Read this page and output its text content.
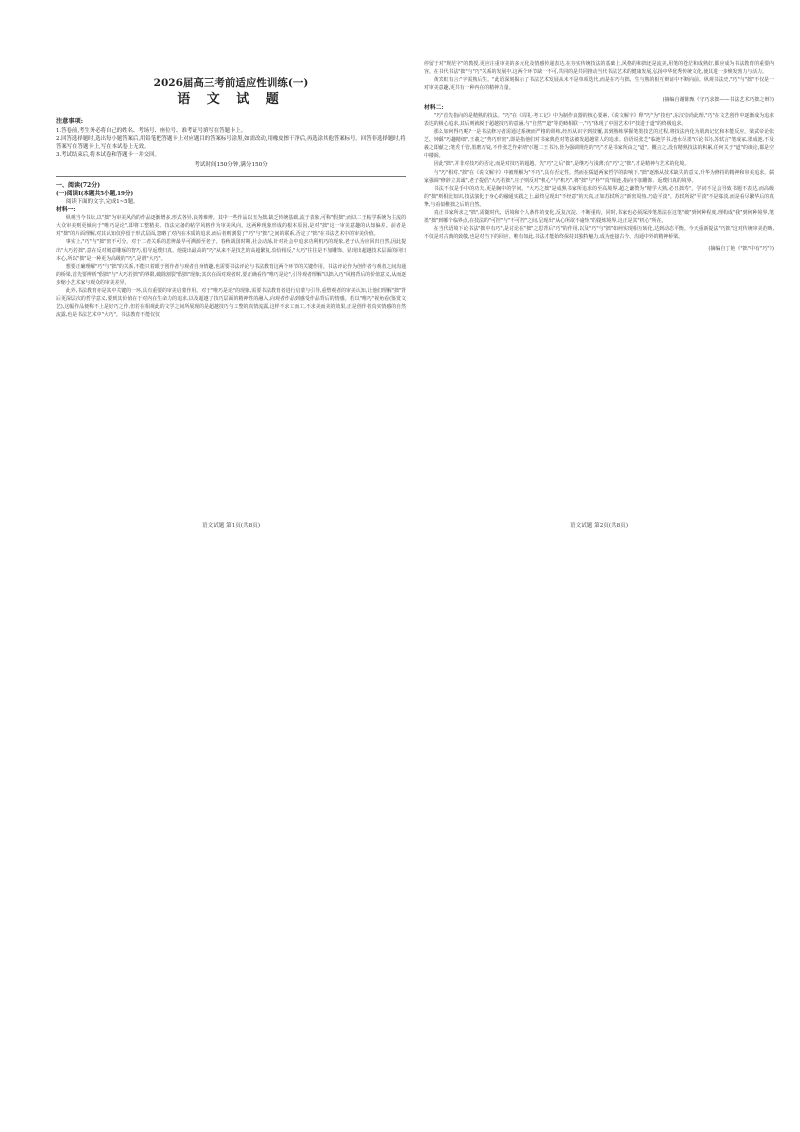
2026届高三考前适应性训练(一)
语 文 试 题
注意事项:

1.答卷前,考生务必将自己的姓名、考场号、座位号、准考证号填写在答题卡上。

2.回答选择题时,选出每小题答案后,用铅笔把答题卡上对应题目的答案标号涂黑,如需改动,用橡皮擦干净后,再选涂其他答案标号。回答非选择题时,将答案写在答题卡上,写在本试卷上无效。

3.考试结束后,将本试卷和答题卡一并交回。

考试时间150分钟,满分150分
一、阅读(72分)
(一)阅读I(本题共5小题,19分)
阅读下面的文字,完成1~5题。
材料一:

纵观当今书坛,以"拙"为审美风尚的作品逐渐增多,形式各异,良莠难辨。其中一些作品以丑为拙,缺乏传统基础,流于表象,可称"假拙";而以二王帖学系统为主流的大众审美则更倾向于"唯巧是论",即将工整精美、技法完备的帖学风格作为审美风向。这两种现象形成的根本原因,是对"拙"这一审美意趣的认知偏差。前者是对"拙"的片面理解,对其认知仅停留于形式层面,忽略了对内在本质的追求,而后者则割裂了"巧"与"拙"之间的联系,否定了"拙"在书法艺术中的审美价值。

事实上,"巧"与"拙"密不可分。对于二者关系的思辨最早可溯源至老子。春秋战国时期,社会动荡,针对社会中追求功利机巧的现象,老子认为应回归自然,因此提出"大巧若拙",意在反对刻意雕琢的智巧,倡导返璞归真。他提出最高的"巧"从来不是技艺的高超繁复,恰恰相反,"大巧"往往是不加雕饰、显现出超越技术层面的回归本心,所以"拙"是一种更为高级的"巧",是谓"大巧"。

想要正确理解"巧"与"拙"的关系,不能只着眼于创作者与观者自身情趣,也需要书法评论与书法教育这两个环节的关键作用。书法评论作为创作者与观者之间沟通的桥梁,首先要辨析"假拙"与"大巧若拙"的界限,破除割裂"假拙"现象;其次在面对观者时,要正确看待"唯巧是论",引导观者理解"以拙入巧"风格背后的价值意义,从而逐步缩小艺术家与观众的审美差异。

此外,书法教育亦是其中关键的一环,具有重要的审美启蒙作用。对于"唯巧是论"的现象,需要书法教育者进行启蒙与引导,重塑观者的审美认知,让他们理解"拙"背后更深层次的哲学意义,要到其价值在于对内在生命力的追求,以及超越了技巧层面的精神性的融入,向观者作品到感受作品背后的情感。若以"唯巧"视角看(鉴赏文艺),这幅作品便称不上是好巧之作,但若在相观此的文学之间所展现的是超越技巧与工整的真情流露,这样不求工而工,不求美而美的效果,正是创作者真实情感的自然流露,也是书法艺术中"大巧"。书法教育不能仅仅

语文试题 第1页(共8页)

停留于对"规范字"的教授,更应注重审美的多元化及情感传递表达,在夯实传统技法的基础上,风格的和拙还是流美,用笔的苍茫和成熟好,都应成为书法教育的重要内容。在书代书法"拙"与"巧"关系的发展中,这两个环节缺一不可,共同的是共同推动当代书法艺术的健康发展,弘扬中华优秀传统文化,使其进一步焕发勃力与活力。

黄宾虹有言:"字需熟后生。"此语深刻揭示了书法艺术发展从未不是单项迭代,而是在巧与拙、生与熟的相互辩证中不断向前。纵观书法史,"巧"与"拙"不仅是一对审美意趣,更共有一种内在的精神力量。

(摘编自谢陈甄《守巧求拙——书法艺术巧拙之辩》)
材料二:

"巧"首先指向的是精熟的技法。"巧"在《周礼·考工记》中为制作良器的核心要素,《说文解字》释"巧"为"技也",东汉崇尚此理,"巧"在文艺创作中逐渐成为追求表达的极心追求,其后则就脱于超越技巧的意涵,与"自然""道"等范畴相联一,"巧"体现了中国艺术中"技进于道"的终极追求。

那么如何得巧呢?一是书法修习者需通过系统而严格的训练,经历从识字到技覆,其到熟练掌握笔墨技艺的过程,将技法内化为肌肉记忆和本能反应。梁武帝论张芝、钟繇"巧趣精细",王羲之"势巧形密",即是指他们对书家典范对笔法被发超越常人的追求。俗语说张芝"临池学书,池水尽墨"(《论书》),苏轼言"笔成冢,墨成池,不及羲之即献之;笔秃千管,墨磨万锭,不作张芝作索靖"(《题二王书》),皆为强调规范的"巧"才是书家所由之"道"。概言之,没有精熟技法的积累,任何关于"道"的谈论,都是空中楼阁。

因此"拙",并非对技巧的否定,而是对技巧的超越。先"巧"之后"拙",是继巧与浅薄;有"巧"之"拙",才是精神与艺术的化境。

与"巧"相对,"拙"在《说文解字》中被理解为"不巧",具有否定性。然而在儒道两家哲学的影响下,"拙"逐渐从技术缺失的意义,升华为修持的精神和审美追求。儒家强调"修辞立其诚",老子提倡"大巧若拙",庄子则反对"机心"与"机巧",将"拙"与"朴""真"相连,指向不加雕饰、返璞归真的境界。

书法不仅是手中的功夫,更是胸中的学问。"大巧之拙"是成熟书家所追求的至高境界,超之谦赞为"精学大熟,必丑拙寿"。学词不足会导致书题不表达,而高级的"拙"则相比知识,技法演化于身心的融通实践之上,最终呈现出"不经意"的天真,正如苏轼所言"新密周热,乃造平淡"。苏轼所说"平淡"不是寡淡,而是看尽繁华后的真挚,与看似稚拙之后的自然。

真正书家所求之"拙",需随时代、语境和个人条件的变化,反复沉淀、不断重构。同时,书家也必须深涉笔墨法在这笔"破"到何种程度,理构成"我"到何种境界,笔墨"拙"到哪个临界点,在技法的"可控"与"不可控"之间,呈现出"从心所欲不逾矩"的提炼境界,这正是其"机心"所在。

在当代语境下论书法"拙中有巧",是讨论在"拙"之思背后"巧"的作用,以及"巧"与"拙"如何实现相互转化,达到动态平衡。今天重新提法"巧拙"这对传统审美范畴,不仅是对古典的致敬,也是对当下的回应。唯有如此,书法才能始终保持其独特魅力,成为连接古今、沟通中外的精神桥梁。

(摘编自丁艳《"拙"中有"巧"》)
语文试题 第2页(共8页)
